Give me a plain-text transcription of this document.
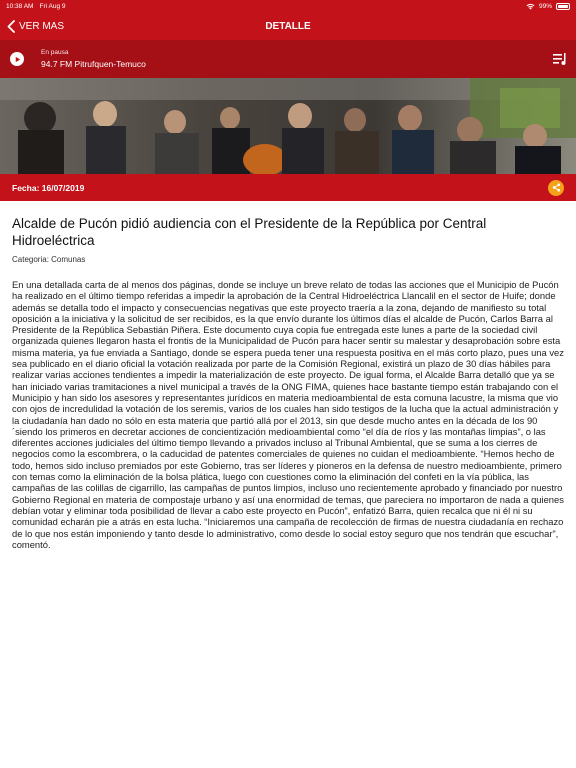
10:38 AM Fri Aug 9	99%
VER MAS	DETALLE
En pausa
94.7 FM Pitrufquen-Temuco
Fecha: 16/07/2019
Alcalde de Pucón pidió audiencia con el Presidente de la República por Central Hidroeléctrica
Categoria: Comunas

En una detallada carta de al menos dos páginas, donde se incluye un breve relato de todas las acciones que el Municipio de Pucón ha realizado en el último tiempo referidas a impedir la aprobación de la Central Hidroeléctrica Llancalil en el sector de Huife; donde además se detalla todo el impacto y consecuencias negativas que este proyecto traería a la zona, dejando de manifiesto su total oposición a la iniciativa y la solicitud de ser recibidos, es la que envío durante los últimos días el alcalde de Pucón, Carlos Barra al Presidente de la República Sebastián Piñera. Este documento cuya copia fue entregada este lunes a parte de la sociedad civil organizada quienes llegaron hasta el frontis de la Municipalidad de Pucón para hacer sentir su malestar y desaprobación sobre esta misma materia, ya fue enviada a Santiago, donde se espera pueda tener una respuesta positiva en el más corto plazo, pues una vez sea publicado en el diario oficial la votación realizada por parte de la Comisión Regional, existirá un plazo de 30 días hábiles para realizar varias acciones tendientes a impedir la materialización de este proyecto. De igual forma, el Alcalde Barra detalló que ya se han iniciado varias tramitaciones a nivel municipal a través de la ONG FIMA, quienes hace bastante tiempo están trabajando con el Municipio y han sido los asesores y representantes jurídicos en materia medioambiental de esta comuna lacustre, la misma que vio con ojos de incredulidad la votación de los seremis, varios de los cuales han sido testigos de la lucha que la actual administración y la ciudadanía han dado no sólo en esta materia que partió allá por el 2013, sin que desde mucho antes en la década de los 90´siendo los primeros en decretar acciones de concientización medioambiental como “el día de ríos y las montañas limpias”, o las diferentes acciones judiciales del último tiempo llevando a privados incluso al Tribunal Ambiental, que se suma a los cierres de negocios como la escombrera, o la caducidad de patentes comerciales de quienes no cuidan el medioambiente. “Hemos hecho de todo, hemos sido incluso premiados por este Gobierno, tras ser líderes y pioneros en la defensa de nuestro medioambiente, primero con temas como la eliminación de la bolsa plática, luego con cuestiones como la eliminación del confeti en la vía pública, las campañas de las colillas de cigarrillo, las campañas de puntos limpios, incluso uno recientemente aprobado y financiado por nuestro Gobierno Regional en materia de compostaje urbano y así una enormidad de temas, que pareciera no importaron de nada a quienes debían votar y eliminar toda posibilidad de llevar a cabo este proyecto en Pucón”, enfatizó Barra, quien recalca que ni él ni su comunidad echarán pie a atrás en esta lucha. “Iniciaremos una campaña de recolección de firmas de nuestra ciudadanía en rechazo de lo que nos están imponiendo y tanto desde lo administrativo, como desde lo social estoy seguro que nos tendrán que escuchar”, comentó.
